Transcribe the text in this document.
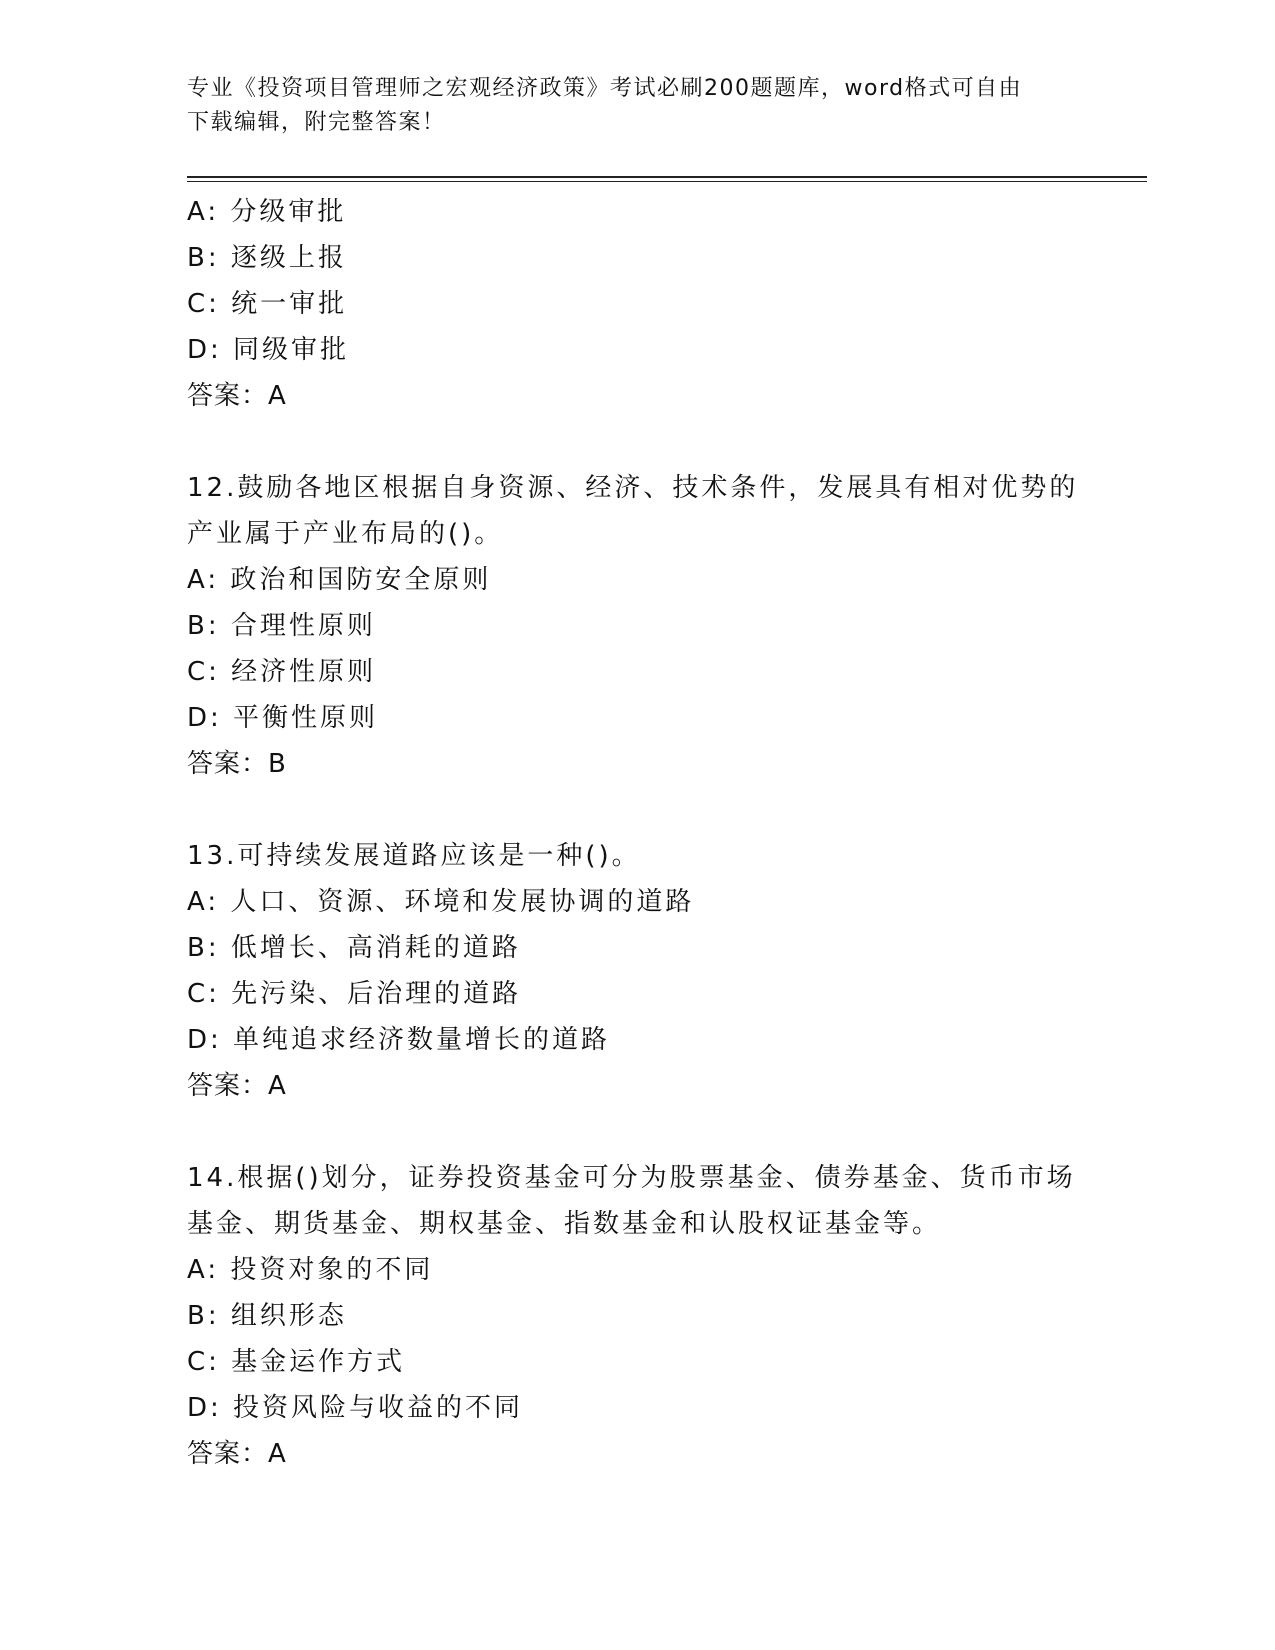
专业《投资项目管理师之宏观经济政策》考试必刷200题题库，word格式可自由
下载编辑，附完整答案！
A: 分级审批
B: 逐级上报
C: 统一审批
D: 同级审批
答案：A
12.鼓励各地区根据自身资源、经济、技术条件，发展具有相对优势的
产业属于产业布局的()。
A: 政治和国防安全原则
B: 合理性原则
C: 经济性原则
D: 平衡性原则
答案：B
13.可持续发展道路应该是一种()。
A: 人口、资源、环境和发展协调的道路
B: 低增长、高消耗的道路
C: 先污染、后治理的道路
D: 单纯追求经济数量增长的道路
答案：A
14.根据()划分，证券投资基金可分为股票基金、债券基金、货币市场
基金、期货基金、期权基金、指数基金和认股权证基金等。
A: 投资对象的不同
B: 组织形态
C: 基金运作方式
D: 投资风险与收益的不同
答案：A
